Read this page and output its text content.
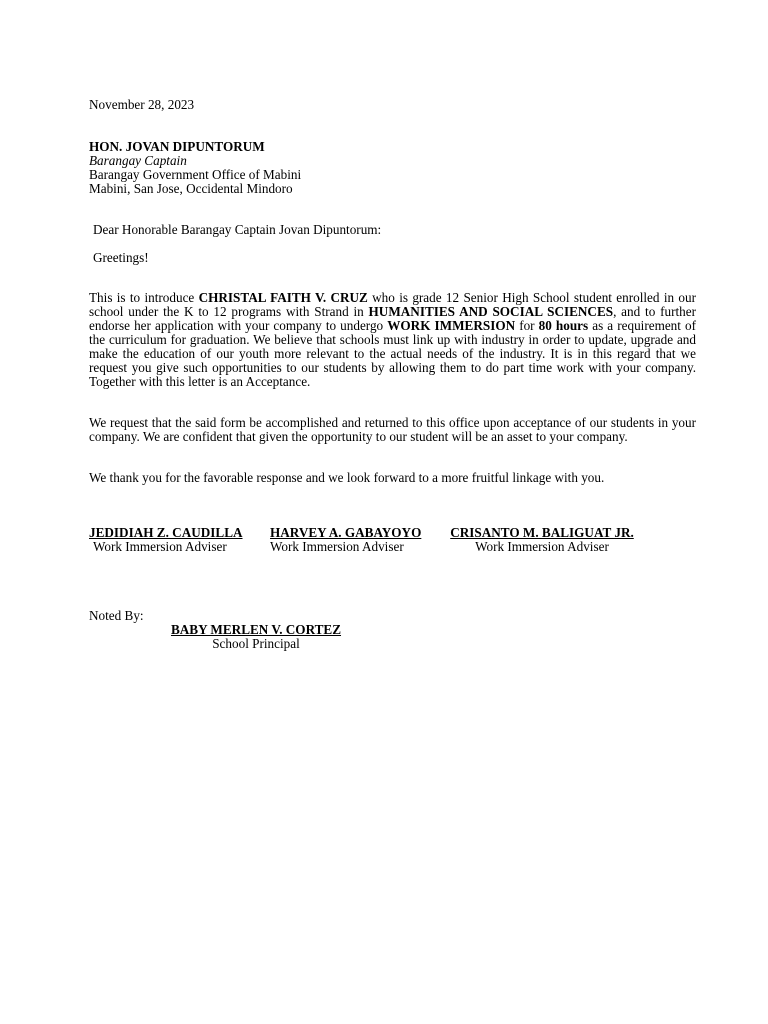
November 28, 2023
HON. JOVAN DIPUNTORUM
Barangay Captain
Barangay Government Office of Mabini
Mabini, San Jose, Occidental Mindoro
Dear Honorable Barangay Captain Jovan Dipuntorum:
Greetings!
This is to introduce CHRISTAL FAITH V. CRUZ who is grade 12 Senior High School student enrolled in our school under the K to 12 programs with Strand in HUMANITIES AND SOCIAL SCIENCES, and to further endorse her application with your company to undergo WORK IMMERSION for 80 hours as a requirement of the curriculum for graduation. We believe that schools must link up with industry in order to update, upgrade and make the education of our youth more relevant to the actual needs of the industry. It is in this regard that we request you give such opportunities to our students by allowing them to do part time work with your company. Together with this letter is an Acceptance.
We request that the said form be accomplished and returned to this office upon acceptance of our students in your company. We are confident that given the opportunity to our student will be an asset to your company.
We thank you for the favorable response and we look forward to a more fruitful linkage with you.
JEDIDIAH Z. CAUDILLA
Work Immersion Adviser
HARVEY A. GABAYOYO
Work Immersion Adviser
CRISANTO M. BALIGUAT JR.
Work Immersion Adviser
Noted By:
BABY MERLEN V. CORTEZ
School Principal
